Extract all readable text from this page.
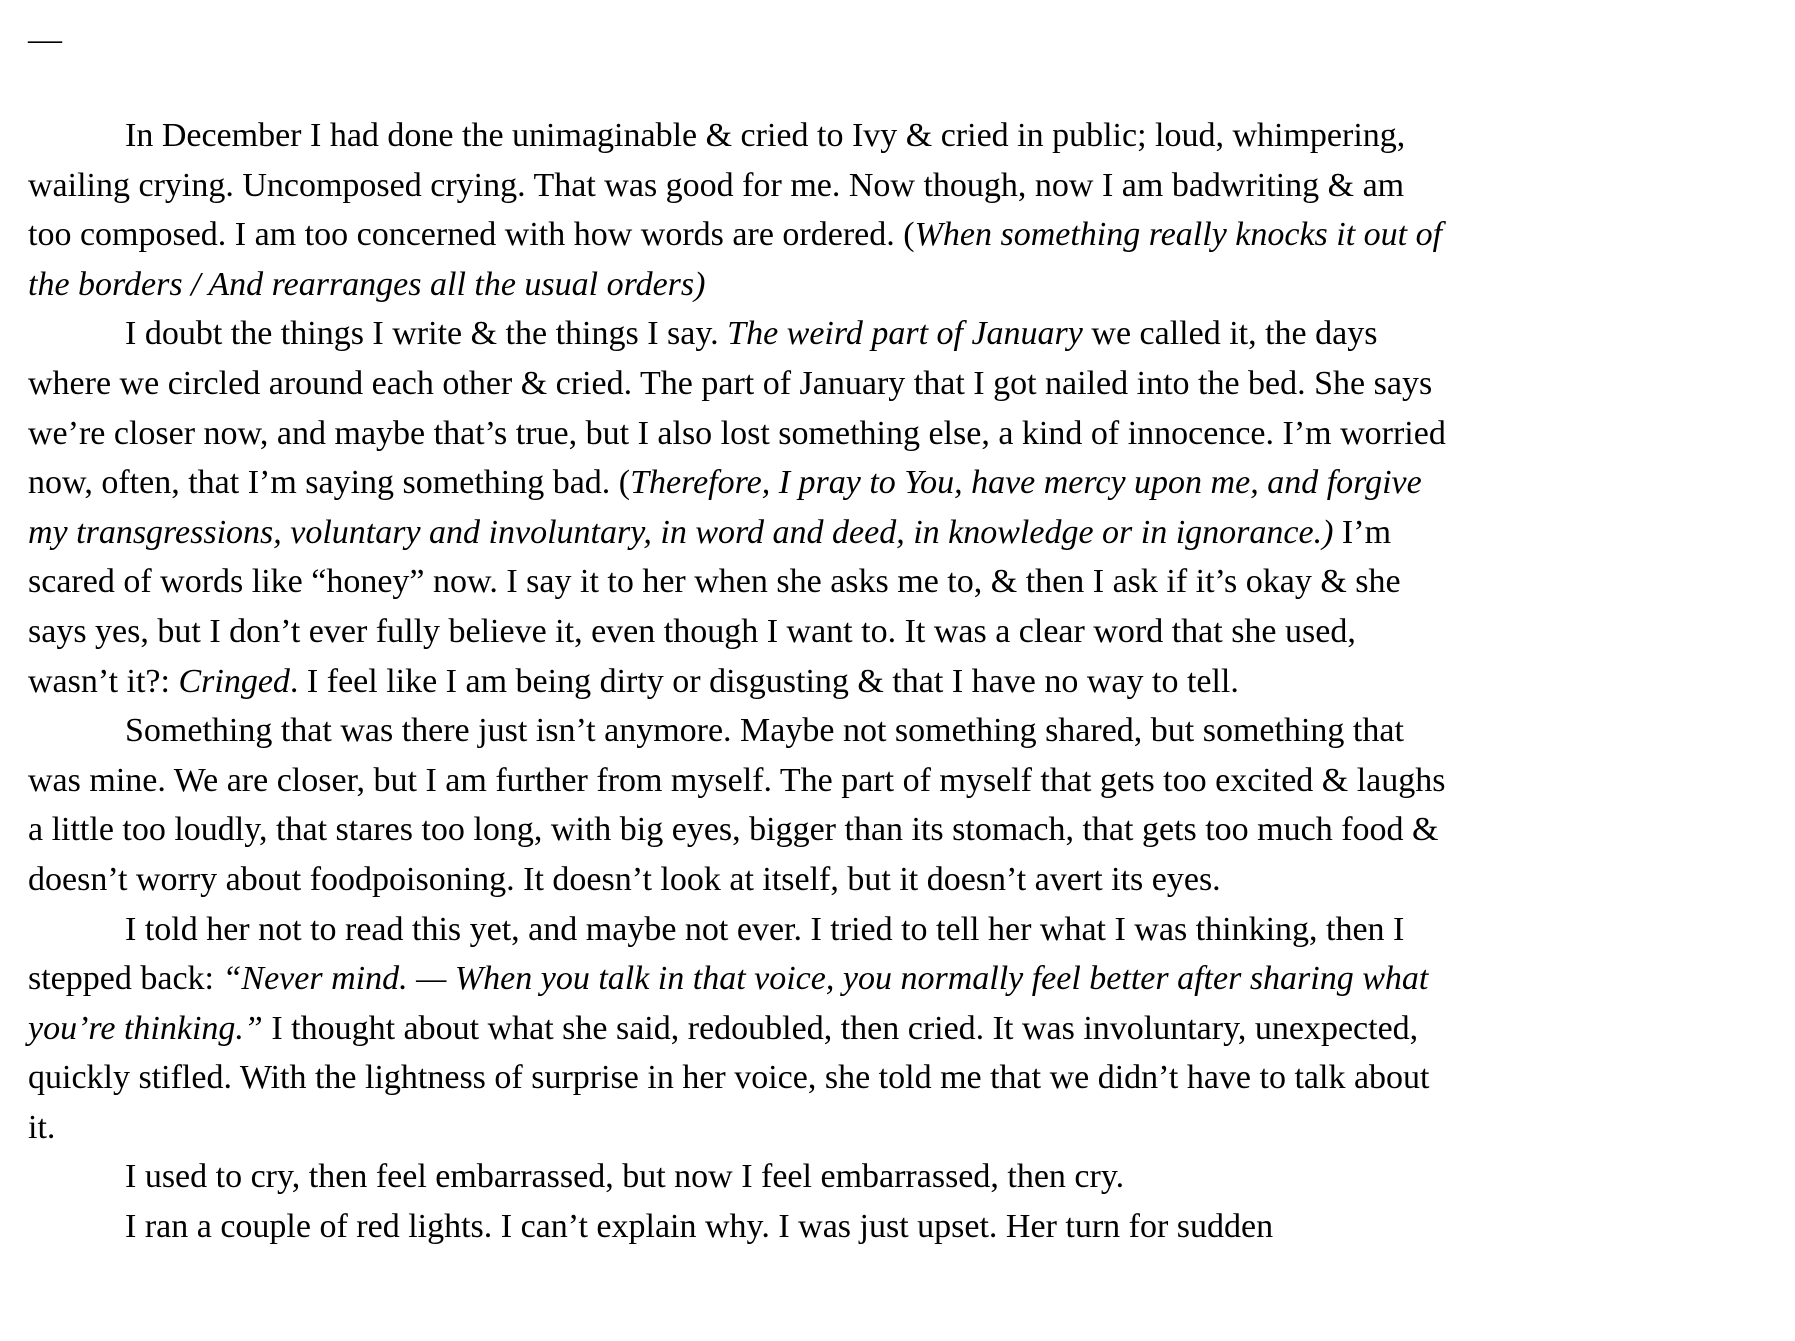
—

In December I had done the unimaginable & cried to Ivy & cried in public; loud, whimpering, wailing crying. Uncomposed crying. That was good for me. Now though, now I am badwriting & am too composed. I am too concerned with how words are ordered. (When something really knocks it out of the borders / And rearranges all the usual orders)

I doubt the things I write & the things I say. The weird part of January we called it, the days where we circled around each other & cried. The part of January that I got nailed into the bed. She says we’re closer now, and maybe that’s true, but I also lost something else, a kind of innocence. I’m worried now, often, that I’m saying something bad. (Therefore, I pray to You, have mercy upon me, and forgive my transgressions, voluntary and involuntary, in word and deed, in knowledge or in ignorance.) I’m scared of words like “honey” now. I say it to her when she asks me to, & then I ask if it’s okay & she says yes, but I don’t ever fully believe it, even though I want to. It was a clear word that she used, wasn’t it?: Cringed. I feel like I am being dirty or disgusting & that I have no way to tell.

Something that was there just isn’t anymore. Maybe not something shared, but something that was mine. We are closer, but I am further from myself. The part of myself that gets too excited & laughs a little too loudly, that stares too long, with big eyes, bigger than its stomach, that gets too much food & doesn’t worry about foodpoisoning. It doesn’t look at itself, but it doesn’t avert its eyes.

I told her not to read this yet, and maybe not ever. I tried to tell her what I was thinking, then I stepped back: “Never mind. — When you talk in that voice, you normally feel better after sharing what you’re thinking.” I thought about what she said, redoubled, then cried. It was involuntary, unexpected, quickly stifled. With the lightness of surprise in her voice, she told me that we didn’t have to talk about it.

I used to cry, then feel embarrassed, but now I feel embarrassed, then cry.

I ran a couple of red lights. I can’t explain why. I was just upset. Her turn for sudden
